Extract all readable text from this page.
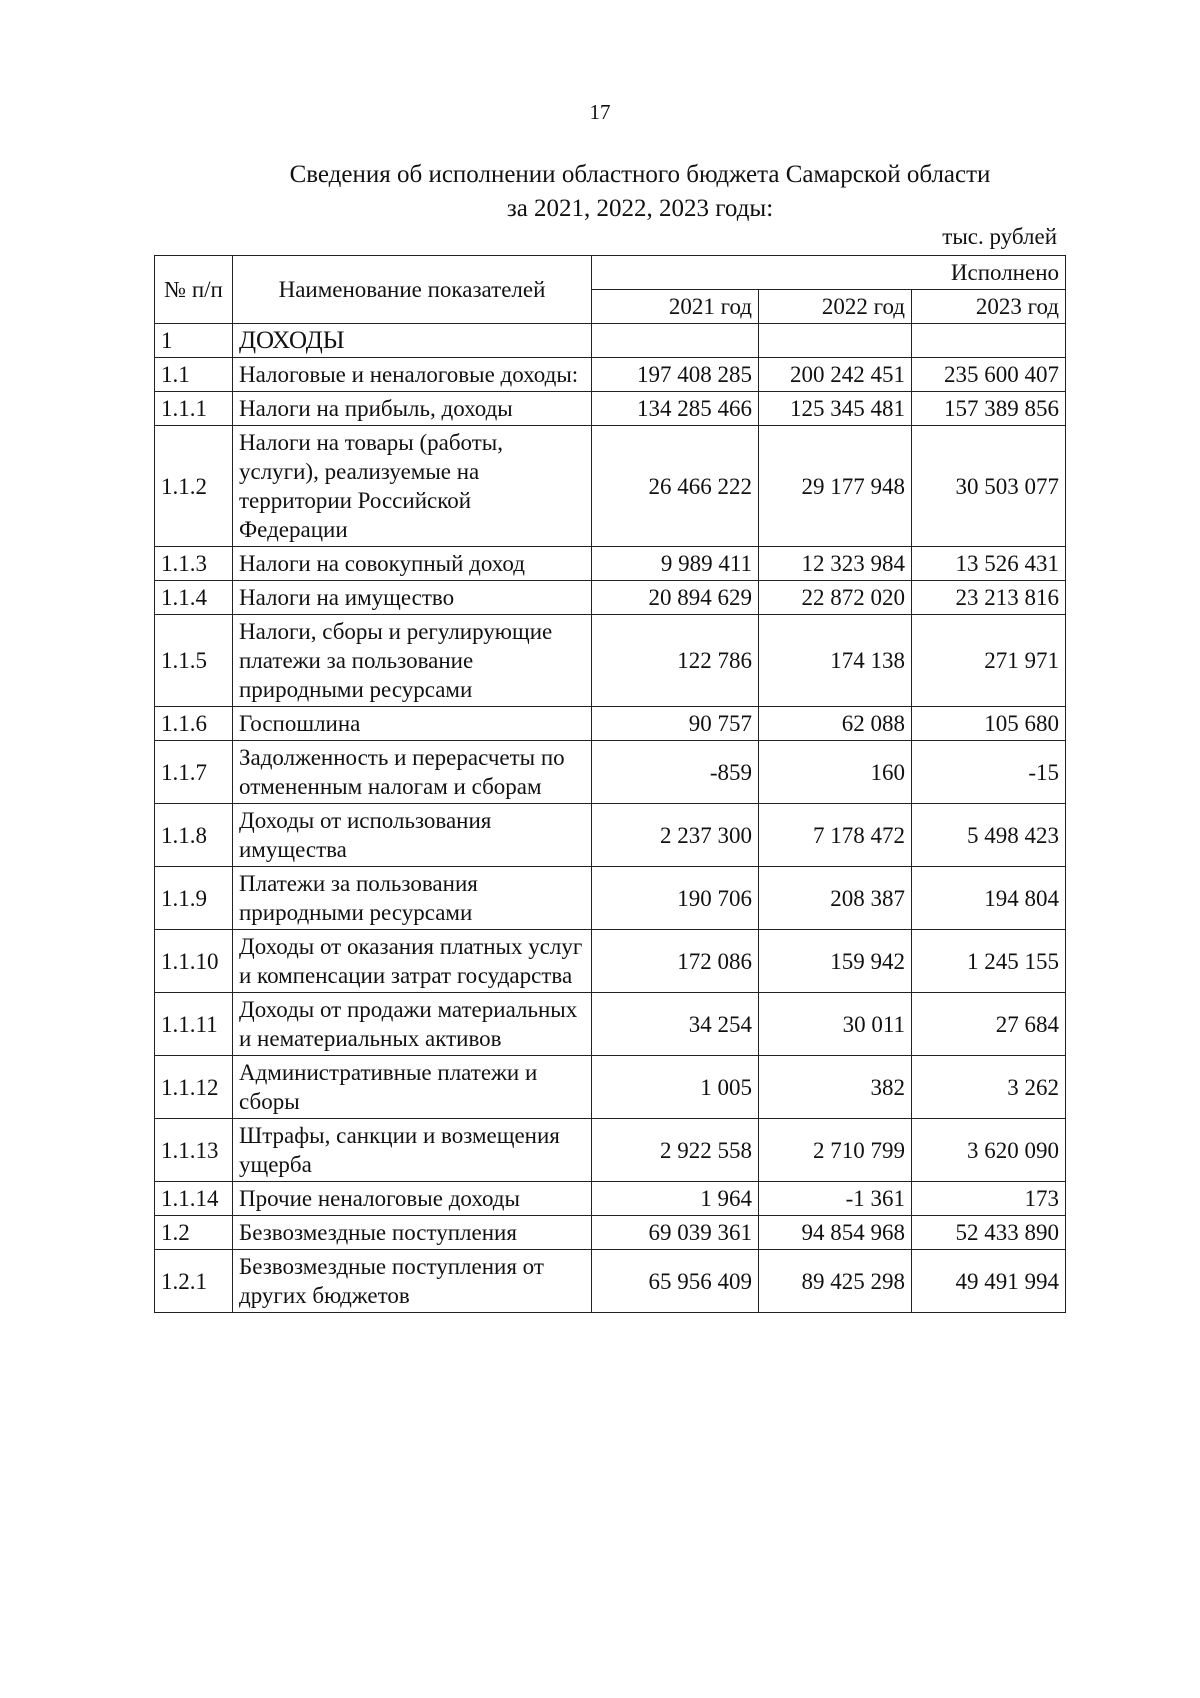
17
Сведения об исполнении областного бюджета Самарской области
за 2021, 2022, 2023 годы:
тыс. рублей
№ п/п	Наименование показателей	Исполнено		
		2021 год	2022 год	2023 год
1	ДОХОДЫ			
1.1	Налоговые и неналоговые доходы:	197 408 285	200 242 451	235 600 407
1.1.1	Налоги на прибыль, доходы	134 285 466	125 345 481	157 389 856
1.1.2	Налоги на товары (работы, услуги), реализуемые на территории Российской Федерации	26 466 222	29 177 948	30 503 077
1.1.3	Налоги на совокупный доход	9 989 411	12 323 984	13 526 431
1.1.4	Налоги на имущество	20 894 629	22 872 020	23 213 816
1.1.5	Налоги, сборы и регулирующие платежи за пользование природными ресурсами	122 786	174 138	271 971
1.1.6	Госпошлина	90 757	62 088	105 680
1.1.7	Задолженность и перерасчеты по отмененным налогам и сборам	-859	160	-15
1.1.8	Доходы от использования имущества	2 237 300	7 178 472	5 498 423
1.1.9	Платежи за пользования природными ресурсами	190 706	208 387	194 804
1.1.10	Доходы от оказания платных услуг и компенсации затрат государства	172 086	159 942	1 245 155
1.1.11	Доходы от продажи материальных и нематериальных активов	34 254	30 011	27 684
1.1.12	Административные платежи и сборы	1 005	382	3 262
1.1.13	Штрафы, санкции и возмещения ущерба	2 922 558	2 710 799	3 620 090
1.1.14	Прочие неналоговые доходы	1 964	-1 361	173
1.2	Безвозмездные поступления	69 039 361	94 854 968	52 433 890
1.2.1	Безвозмездные поступления от других бюджетов	65 956 409	89 425 298	49 491 994
